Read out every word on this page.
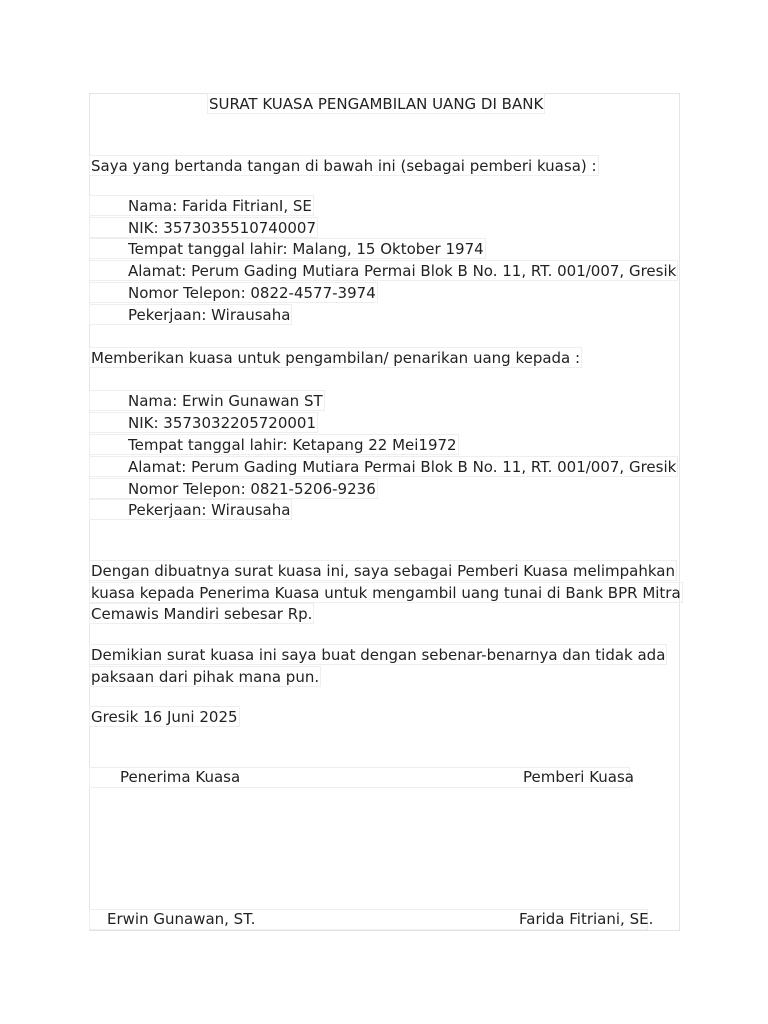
SURAT KUASA PENGAMBILAN UANG DI BANK
Saya yang bertanda tangan di bawah ini (sebagai pemberi kuasa) :
Nama: Farida FitrianI, SE
NIK: 3573035510740007
Tempat tanggal lahir: Malang, 15 Oktober 1974
Alamat: Perum Gading Mutiara Permai Blok B No. 11, RT. 001/007, Gresik
Nomor Telepon: 0822-4577-3974
Pekerjaan: Wirausaha
Memberikan kuasa untuk pengambilan/ penarikan uang kepada :
Nama: Erwin Gunawan ST
NIK: 3573032205720001
Tempat tanggal lahir: Ketapang 22 Mei1972
Alamat: Perum Gading Mutiara Permai Blok B No. 11, RT. 001/007, Gresik
Nomor Telepon: 0821-5206-9236
Pekerjaan: Wirausaha
Dengan dibuatnya surat kuasa ini, saya sebagai Pemberi Kuasa melimpahkan
kuasa kepada Penerima Kuasa untuk mengambil uang tunai di Bank BPR Mitra
Cemawis Mandiri sebesar Rp.
Demikian surat kuasa ini saya buat dengan sebenar-benarnya dan tidak ada
paksaan dari pihak mana pun.
Gresik 16 Juni 2025
Penerima Kuasa	Pemberi Kuasa
Erwin Gunawan, ST.	Farida Fitriani, SE.
